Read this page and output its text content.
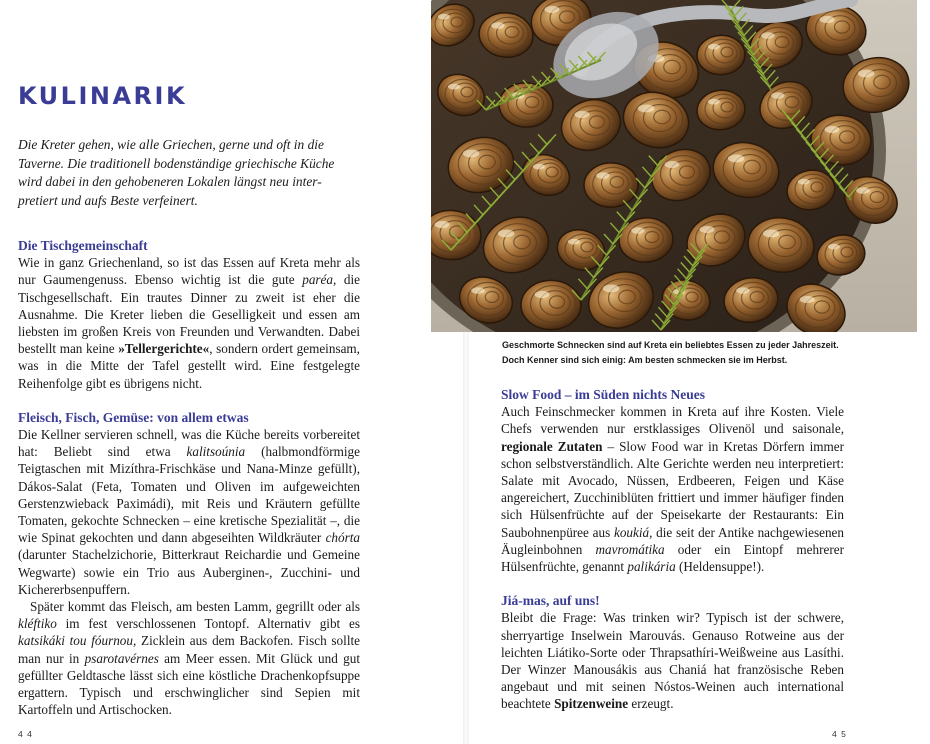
KULINARIK

Die Kreter gehen, wie alle Griechen, gerne und oft in die
Taverne. Die traditionell bodenständige griechische Küche
wird dabei in den gehobeneren Lokalen längst neu inter-
pretiert und aufs Beste verfeinert.

Die Tischgemeinschaft

Wie in ganz Griechenland, so ist das Essen auf Kreta mehr als nur Gaumengenuss. Ebenso wichtig ist die gute paréa, die Tischgesellschaft. Ein trautes Dinner zu zweit ist eher die Ausnahme. Die Kreter lieben die Geselligkeit und essen am liebsten im großen Kreis von Freunden und Verwandten. Dabei bestellt man keine »Tellergerichte«, sondern ordert gemeinsam, was in die Mitte der Tafel gestellt wird. Eine festgelegte Reihenfolge gibt es übrigens nicht.

Fleisch, Fisch, Gemüse: von allem etwas

Die Kellner servieren schnell, was die Küche bereits vorbereitet hat: Beliebt sind etwa kalitsoúnia (halbmondförmige Teigtaschen mit Mizíthra-Frischkäse und Nana-Minze gefüllt), Dákos-Salat (Feta, Tomaten und Oliven im aufgeweichten Gerstenzwieback Paximádi), mit Reis und Kräutern gefüllte Tomaten, gekochte Schnecken – eine kretische Spezialität –, die wie Spinat gekochten und dann abgeseihten Wildkräuter chórta (darunter Stachelzichorie, Bitterkraut Reichardie und Gemeine Wegwarte) sowie ein Trio aus Auberginen-, Zucchini- und Kichererbsenpuffern.

Später kommt das Fleisch, am besten Lamm, gegrillt oder als kléftiko im fest verschlossenen Tontopf. Alternativ gibt es katsikáki tou fóurnou, Zicklein aus dem Backofen. Fisch sollte man nur in psarotavérnes am Meer essen. Mit Glück und gut gefüllter Geldtasche lässt sich eine köstliche Drachenkopfsuppe ergattern. Typisch und erschwinglicher sind Sepien mit Kartoffeln und Artischocken.

4 4
Slow Food – im Süden nichts Neues

Auch Feinschmecker kommen in Kreta auf ihre Kosten. Viele Chefs verwenden nur erstklassiges Olivenöl und saisonale, regionale Zutaten – Slow Food war in Kretas Dörfern immer schon selbstverständlich. Alte Gerichte werden neu interpretiert: Salate mit Avocado, Nüssen, Erdbeeren, Feigen und Käse angereichert, Zucchiniblüten frittiert und immer häufiger finden sich Hülsenfrüchte auf der Speisekarte der Restaurants: Ein Saubohnenpüree aus koukiá, die seit der Antike nachgewiesenen Äugleinbohnen mavromátika oder ein Eintopf mehrerer Hülsenfrüchte, genannt palikária (Heldensuppe!).

Jiá-mas, auf uns!

Bleibt die Frage: Was trinken wir? Typisch ist der schwere, sherryartige Inselwein Marouvás. Genauso Rotweine aus der leichten Liátiko-Sorte oder Thrapsathíri-Weißweine aus Lasíthi. Der Winzer Manousákis aus Chaniá hat französische Reben angebaut und mit seinen Nóstos-Weinen auch international beachtete Spitzenweine erzeugt.

4 5

Geschmorte Schnecken sind auf Kreta ein beliebtes Essen zu jeder Jahreszeit.
Doch Kenner sind sich einig: Am besten schmecken sie im Herbst.
